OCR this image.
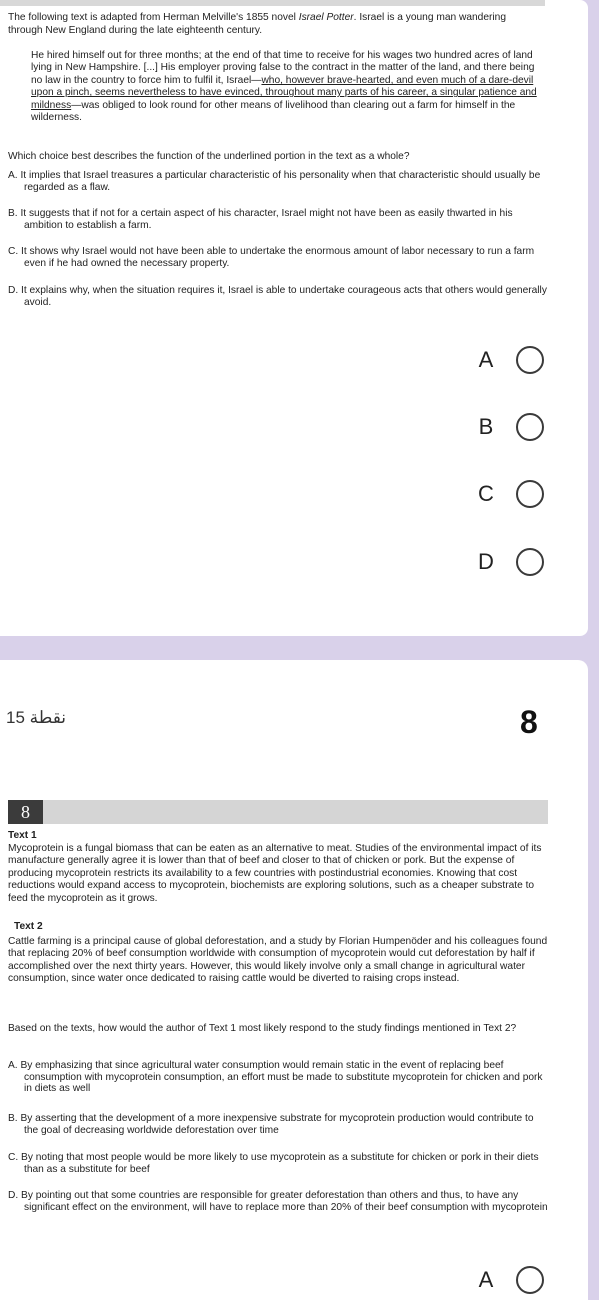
The following text is adapted from Herman Melville's 1855 novel Israel Potter. Israel is a young man wandering through New England during the late eighteenth century.

He hired himself out for three months; at the end of that time to receive for his wages two hundred acres of land lying in New Hampshire. [...] His employer proving false to the contract in the matter of the land, and there being no law in the country to force him to fulfil it, Israel—who, however brave-hearted, and even much of a dare-devil upon a pinch, seems nevertheless to have evinced, throughout many parts of his career, a singular patience and mildness—was obliged to look round for other means of livelihood than clearing out a farm for himself in the wilderness.

Which choice best describes the function of the underlined portion in the text as a whole?

A. It implies that Israel treasures a particular characteristic of his personality when that characteristic should usually be regarded as a flaw.

B. It suggests that if not for a certain aspect of his character, Israel might not have been as easily thwarted in his ambition to establish a farm.

C. It shows why Israel would not have been able to undertake the enormous amount of labor necessary to run a farm even if he had owned the necessary property.

D. It explains why, when the situation requires it, Israel is able to undertake courageous acts that others would generally avoid.

A
B
C
D
نقطة 15	8
8

Text 1

Mycoprotein is a fungal biomass that can be eaten as an alternative to meat. Studies of the environmental impact of its manufacture generally agree it is lower than that of beef and closer to that of chicken or pork. But the expense of producing mycoprotein restricts its availability to a few countries with postindustrial economies. Knowing that cost reductions would expand access to mycoprotein, biochemists are exploring solutions, such as a cheaper substrate to feed the mycoprotein as it grows.

Text 2

Cattle farming is a principal cause of global deforestation, and a study by Florian Humpenöder and his colleagues found that replacing 20% of beef consumption worldwide with consumption of mycoprotein would cut deforestation by half if accomplished over the next thirty years. However, this would likely involve only a small change in agricultural water consumption, since water once dedicated to raising cattle would be diverted to raising crops instead.

Based on the texts, how would the author of Text 1 most likely respond to the study findings mentioned in Text 2?

A. By emphasizing that since agricultural water consumption would remain static in the event of replacing beef consumption with mycoprotein consumption, an effort must be made to substitute mycoprotein for chicken and pork in diets as well

B. By asserting that the development of a more inexpensive substrate for mycoprotein production would contribute to the goal of decreasing worldwide deforestation over time

C. By noting that most people would be more likely to use mycoprotein as a substitute for chicken or pork in their diets than as a substitute for beef

D. By pointing out that some countries are responsible for greater deforestation than others and thus, to have any significant effect on the environment, will have to replace more than 20% of their beef consumption with mycoprotein

A
